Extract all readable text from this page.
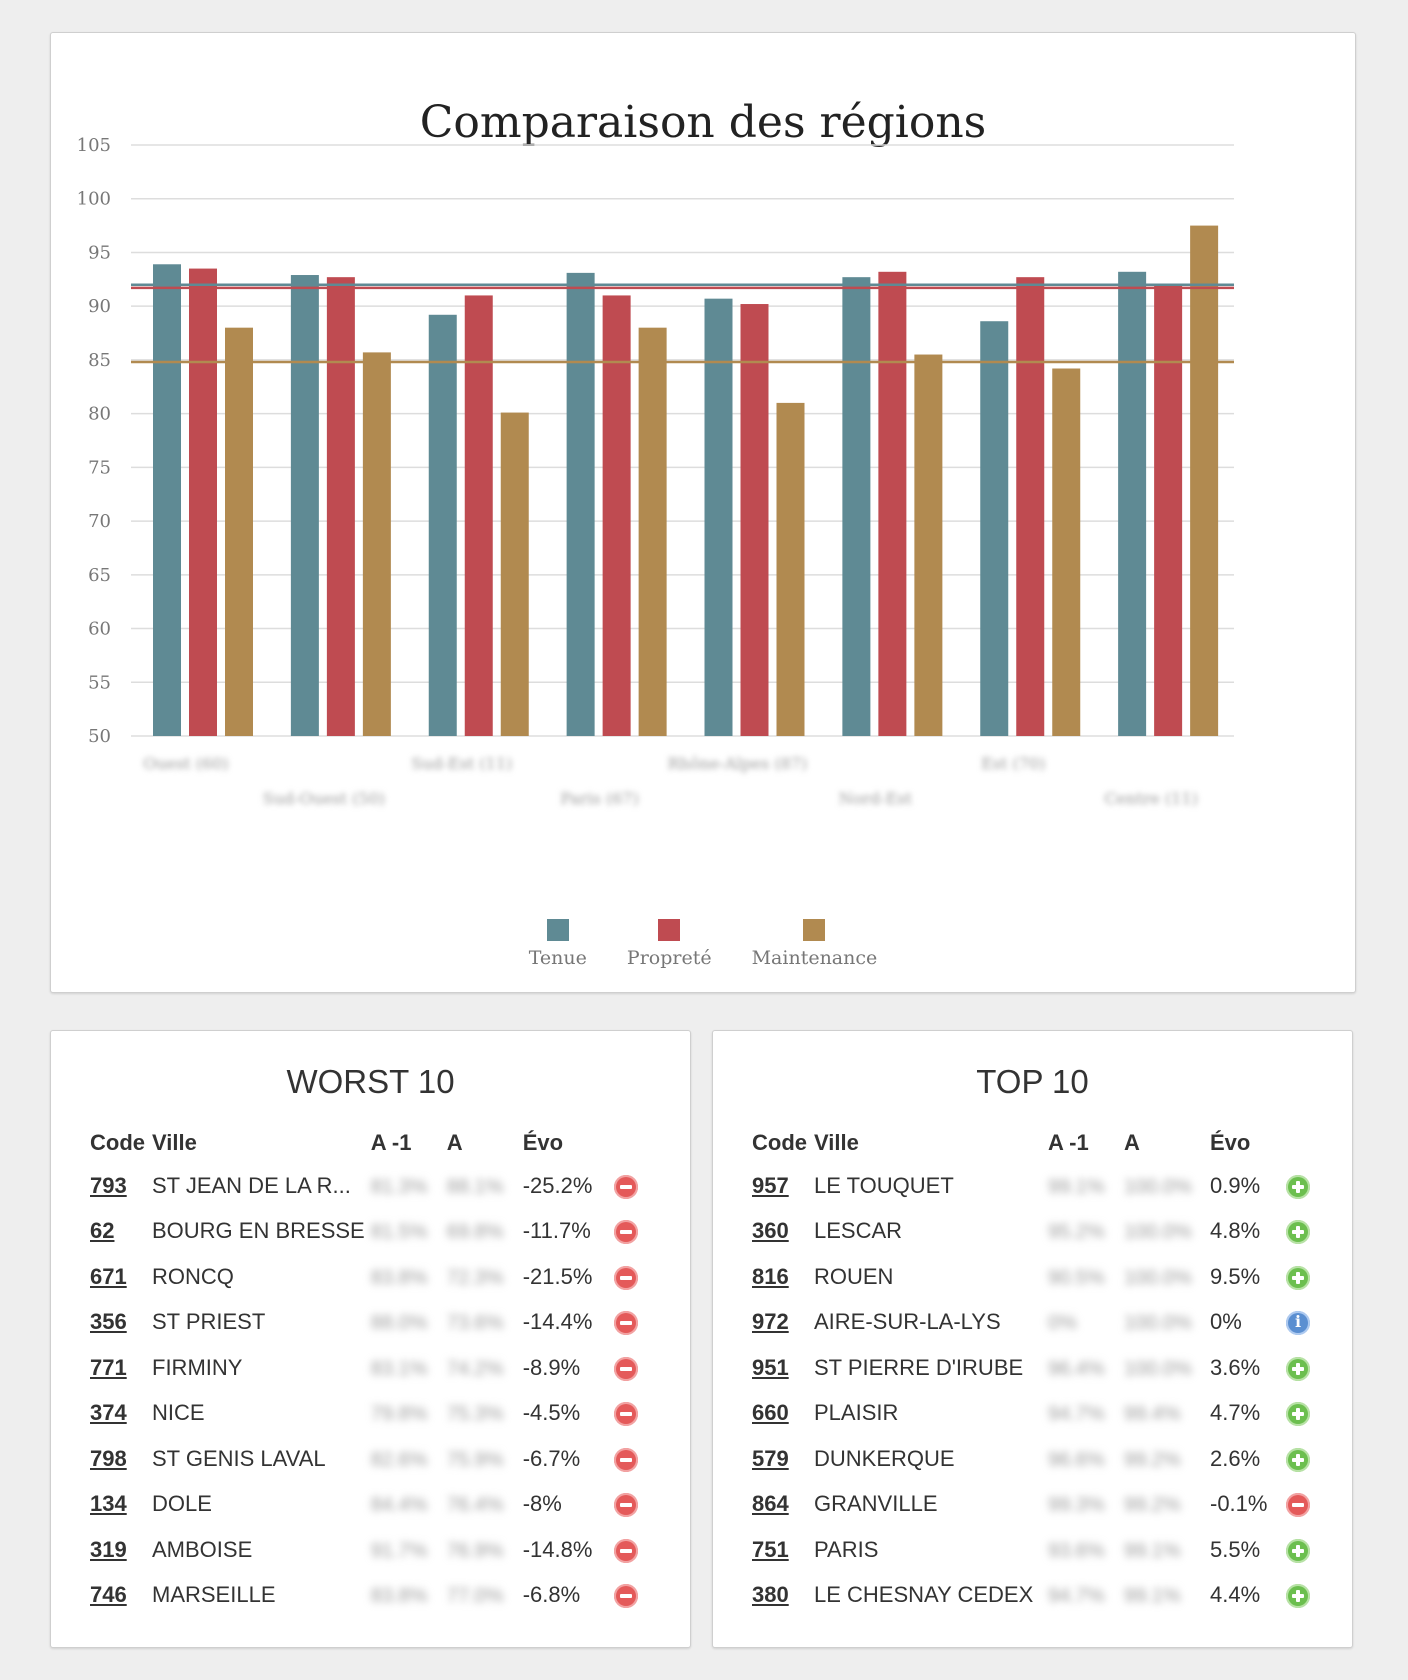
Comparaison des régions
105
100
95
90
85
80
75
70
65
60
55
50
Ouest (60)
Sud-Ouest (50)
Sud-Est (11)
Paris (67)
Rhône-Alpes (87)
Nord-Est
Est (70)
Centre (11)
Tenue Propreté Maintenance
WORST 10
Code	Ville	A -1	A	Évo	
793	ST JEAN DE LA R...	81.3%	88.1%	-25.2%	
62	BOURG EN BRESSE	81.5%	69.8%	-11.7%	
671	RONCQ	83.8%	72.3%	-21.5%	
356	ST PRIEST	88.0%	73.6%	-14.4%	
771	FIRMINY	83.1%	74.2%	-8.9%	
374	NICE	79.8%	75.3%	-4.5%	
798	ST GENIS LAVAL	82.6%	75.9%	-6.7%	
134	DOLE	84.4%	76.4%	-8%	
319	AMBOISE	91.7%	76.9%	-14.8%	
746	MARSEILLE	83.8%	77.0%	-6.8%	
TOP 10
Code	Ville	A -1	A	Évo	
957	LE TOUQUET	99.1%	100.0%	0.9%	
360	LESCAR	95.2%	100.0%	4.8%	
816	ROUEN	90.5%	100.0%	9.5%	
972	AIRE-SUR-LA-LYS	0%	100.0%	0%	i
951	ST PIERRE D'IRUBE	96.4%	100.0%	3.6%	
660	PLAISIR	94.7%	99.4%	4.7%	
579	DUNKERQUE	96.6%	99.2%	2.6%	
864	GRANVILLE	99.3%	99.2%	-0.1%	
751	PARIS	93.6%	99.1%	5.5%	
380	LE CHESNAY CEDEX	94.7%	99.1%	4.4%	
